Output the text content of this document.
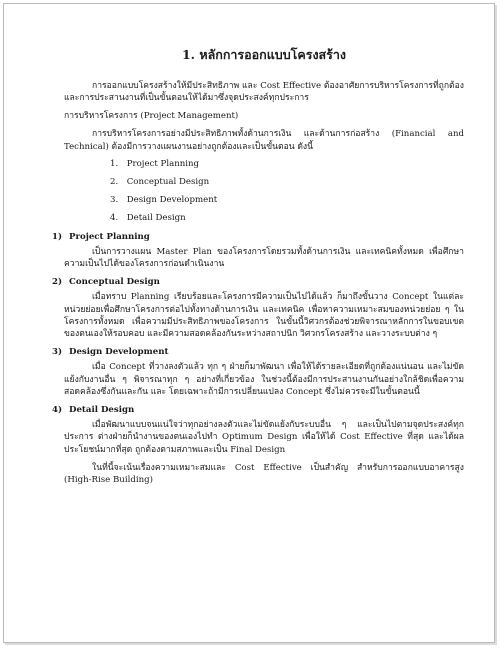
1. หลักการออกแบบโครงสร้าง

การออกแบบโครงสร้างให้มีประสิทธิภาพ และ Cost Effective ต้องอาศัยการบริหารโครงการที่ถูกต้องและการประสานงานที่เป็นขั้นตอนให้ได้มาซึ่งจุดประสงค์ทุกประการ

การบริหารโครงการ (Project Management)

การบริหารโครงการอย่างมีประสิทธิภาพทั้งด้านการเงิน และด้านการก่อสร้าง (Financial and Technical) ต้องมีการวางแผนงานอย่างถูกต้องและเป็นขั้นตอน ดังนี้

1. Project Planning
2. Conceptual Design
3. Design Development
4. Detail Design
1) Project Planning

เป็นการวางแผน Master Plan ของโครงการโดยรวมทั้งด้านการเงิน และเทคนิคทั้งหมด เพื่อศึกษาความเป็นไปได้ของโครงการก่อนดำเนินงาน

2) Conceptual Design

เมื่อทราบ Planning เรียบร้อยและโครงการมีความเป็นไปได้แล้ว ก็มาถึงขั้นวาง Concept ในแต่ละหน่วยย่อยเพื่อศึกษาโครงการต่อไปทั้งทางด้านการเงิน และเทคนิค เพื่อหาความเหมาะสมของหน่วยย่อย ๆ ในโครงการทั้งหมด เพื่อความมีประสิทธิภาพของโครงการ ในขั้นนี้วิศวกรต้องช่วยพิจารณาหลักการในขอบเขตของตนเองให้รอบคอบ และมีความสอดคล้องกันระหว่างสถาปนิก วิศวกรโครงสร้าง และวางระบบต่าง ๆ

3) Design Development

เมื่อ Concept ที่วางลงตัวแล้ว ทุก ๆ ฝ่ายก็มาพัฒนา เพื่อให้ได้รายละเอียดที่ถูกต้องแน่นอน และไม่ขัดแย้งกับงานอื่น ๆ พิจารณาทุก ๆ อย่างที่เกี่ยวข้อง ในช่วงนี้ต้องมีการประสานงานกันอย่างใกล้ชิดเพื่อความสอดคล้องซึ่งกันและกัน และ โดยเฉพาะถ้ามีการเปลี่ยนแปลง Concept ซึ่งไม่ควรจะมีในขั้นตอนนี้

4) Detail Design

เมื่อพัฒนาแบบจนแน่ใจว่าทุกอย่างลงตัวและไม่ขัดแย้งกับระบบอื่น ๆ และเป็นไปตามจุดประสงค์ทุกประการ ต่างฝ่ายก็นำงานของตนเองไปทำ Optimum Design เพื่อให้ได้ Cost Effective ที่สุด และได้ผลประโยชน์มากที่สุด ถูกต้องตามสภาพและเป็น Final Design

ในที่นี้จะเน้นเรื่องความเหมาะสมและ Cost Effective เป็นสำคัญ สำหรับการออกแบบอาคารสูง (High-Rise Building)
